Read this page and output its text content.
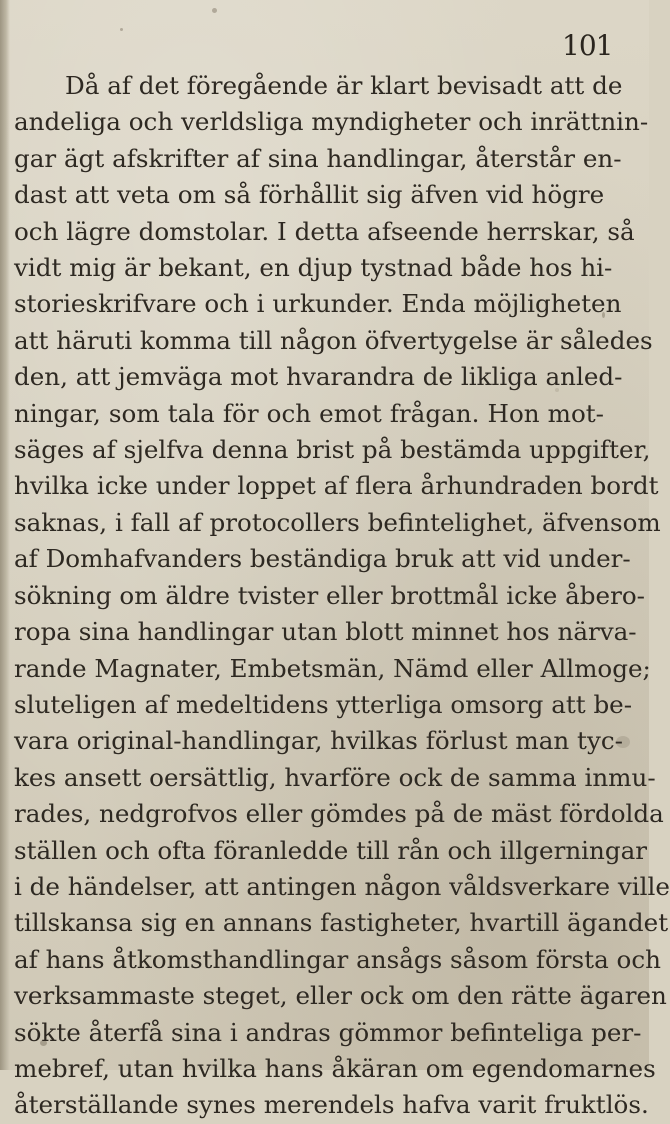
101
Då af det föregående är klart bevisadt att de
andeliga och verldsliga myndigheter och inrättnin-
gar ägt afskrifter af sina handlingar, återstår en-
dast att veta om så förhållit sig äfven vid högre
och lägre domstolar. I detta afseende herrskar, så
vidt mig är bekant, en djup tystnad både hos hi-
storieskrifvare och i urkunder. Enda möjligheten
att häruti komma till någon öfvertygelse är således
den, att jemväga mot hvarandra de likliga anled-
ningar, som tala för och emot frågan. Hon mot-
säges af sjelfva denna brist på bestämda uppgifter,
hvilka icke under loppet af flera århundraden bordt
saknas, i fall af protocollers befintelighet, äfvensom
af Domhafvanders beständiga bruk att vid under-
sökning om äldre tvister eller brottmål icke åbero-
ropa sina handlingar utan blott minnet hos närva-
rande Magnater, Embetsmän, Nämd eller Allmoge;
sluteligen af medeltidens ytterliga omsorg att be-
vara original-handlingar, hvilkas förlust man tyc-
kes ansett oersättlig, hvarföre ock de samma inmu-
rades, nedgrofvos eller gömdes på de mäst fördolda
ställen och ofta föranledde till rån och illgerningar
i de händelser, att antingen någon våldsverkare ville
tillskansa sig en annans fastigheter, hvartill ägandet
af hans åtkomsthandlingar ansågs såsom första och
verksammaste steget, eller ock om den rätte ägaren
sökte återfå sina i andras gömmor befinteliga per-
mebref, utan hvilka hans åkäran om egendomarnes
återställande synes merendels hafva varit fruktlös.
